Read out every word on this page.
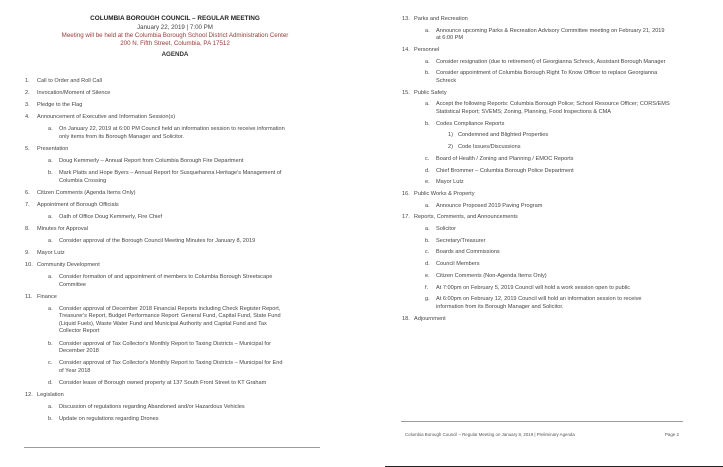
COLUMBIA BOROUGH COUNCIL – REGULAR MEETING
January 22, 2019 | 7:00 PM
Meeting will be held at the Columbia Borough School District Administration Center
200 N. Fifth Street, Columbia, PA 17512
AGENDA
1. Call to Order and Roll Call
2. Invocation/Moment of Silence
3. Pledge to the Flag
4. Announcement of Executive and Information Session(s)
a. On January 22, 2019 at 6:00 PM Council held an information session to receive information
only items from its Borough Manager and Solicitor.
5. Presentation
a. Doug Kemmerly – Annual Report from Columbia Borough Fire Department
b. Mark Platts and Hope Byers – Annual Report for Susquehanna Heritage's Management of
Columbia Crossing
6. Citizen Comments (Agenda Items Only)
7. Appointment of Borough Officials
a. Oath of Office Doug Kemmerly, Fire Chief
8. Minutes for Approval
a. Consider approval of the Borough Council Meeting Minutes for January 8, 2019
9. Mayor Lutz
10. Community Development
a. Consider formation of and appointment of members to Columbia Borough Streetscape
Committee
11. Finance
a. Consider approval of December 2018 Financial Reports including Check Register Report,
Treasurer's Report, Budget Performance Report: General Fund, Capital Fund, State Fund
(Liquid Fuels), Waste Water Fund and Municipal Authority and Capital Fund and Tax
Collector Report
b. Consider approval of Tax Collector's Monthly Report to Taxing Districts – Municipal for
December 2018
c. Consider approval of Tax Collector's Monthly Report to Taxing Districts – Municipal for End
of Year 2018
d. Consider lease of Borough owned property at 137 South Front Street to KT Graham
12. Legislation
a. Discussion of regulations regarding Abandoned and/or Hazardous Vehicles
b. Update on regulations regarding Drones
13. Parks and Recreation
a. Announce upcoming Parks & Recreation Advisory Committee meeting on February 21, 2019
at 6:00 PM
14. Personnel
a. Consider resignation (due to retirement) of Georgianna Schreck, Assistant Borough Manager
b. Consider appointment of Columbia Borough Right To Know Officer to replace Georgianna
Schreck
15. Public Safety
a. Accept the following Reports: Columbia Borough Police; School Resource Officer; CORS/EMS
Statistical Report; SVEMS; Zoning, Planning, Food Inspections & CMA
b. Codes Compliance Reports
1) Condemned and Blighted Properties
2) Code Issues/Discussions
c. Board of Health / Zoning and Planning / EMOC Reports
d. Chief Brommer – Columbia Borough Police Department
e. Mayor Lutz
16. Public Works & Property
a. Announce Proposed 2019 Paving Program
17. Reports, Comments, and Announcements
a. Solicitor
b. Secretary/Treasurer
c. Boards and Commissions
d. Council Members
e. Citizen Comments (Non-Agenda Items Only)
f. At 7:00pm on February 5, 2019 Council will hold a work session open to public
g. At 6:00pm on February 12, 2019 Council will hold an information session to receive
information from its Borough Manager and Solicitor.
18. Adjournment
Columbia Borough Council – Regular Meeting on January 8, 2019 | Preliminary Agenda	Page 2
